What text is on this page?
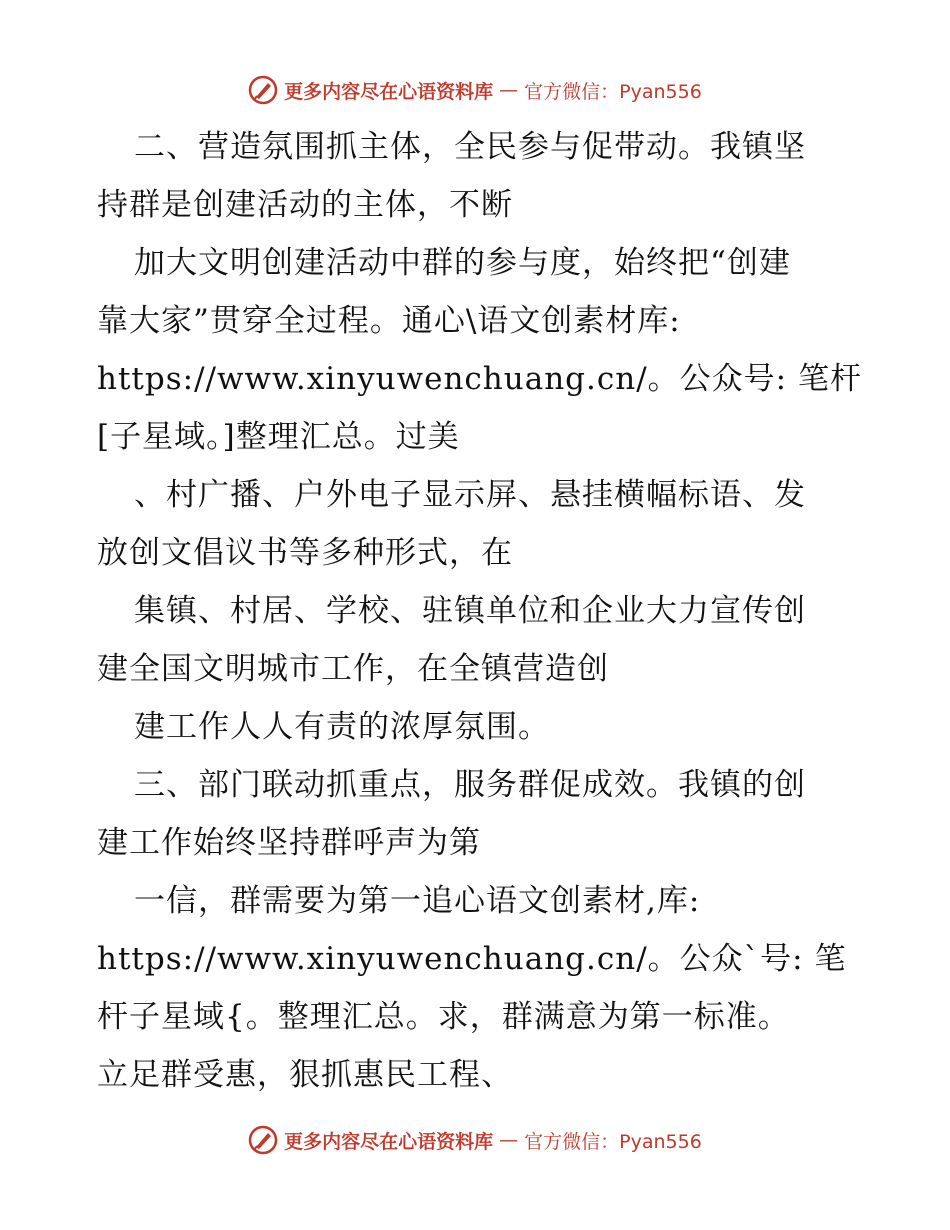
更多内容尽在心语资料库 — 官方微信：Pyan556
二、营造氛围抓主体，全民参与促带动。我镇坚
持群是创建活动的主体，不断
加大文明创建活动中群的参与度，始终把“创建
靠大家”贯穿全过程。通心\语文创素材库:
https://www.xinyuwenchuang.cn/。公众号: 笔杆
[子星域。]整理汇总。过美
、村广播、户外电子显示屏、悬挂横幅标语、发
放创文倡议书等多种形式，在
集镇、村居、学校、驻镇单位和企业大力宣传创
建全国文明城市工作，在全镇营造创
建工作人人有责的浓厚氛围。
三、部门联动抓重点，服务群促成效。我镇的创
建工作始终坚持群呼声为第
一信，群需要为第一追心语文创素材,库:
https://www.xinyuwenchuang.cn/。公众`号: 笔
杆子星域{。整理汇总。求，群满意为第一标准。
立足群受惠，狠抓惠民工程、
更多内容尽在心语资料库 — 官方微信：Pyan556
